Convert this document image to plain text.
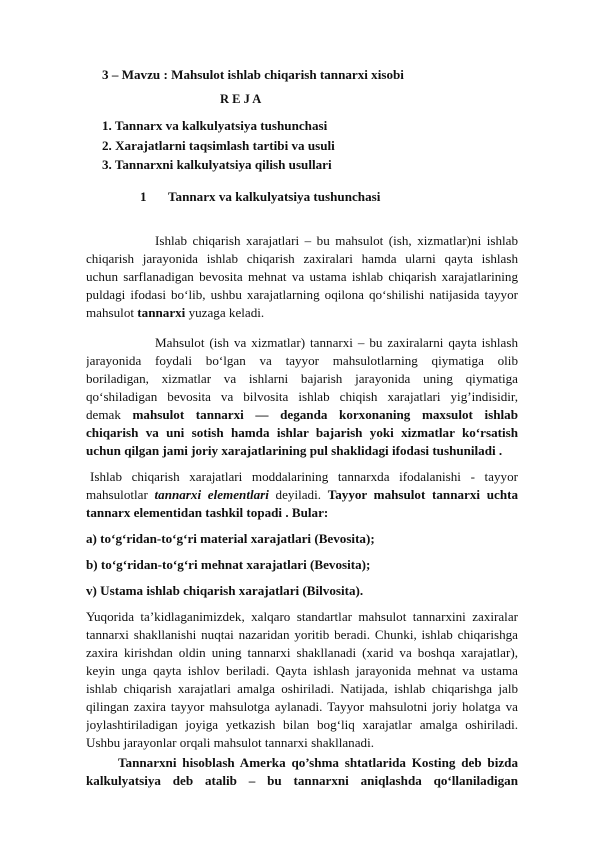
3 – Mavzu : Mahsulot ishlab chiqarish tannarxi xisobi
R E J A
1. Tannarx va kalkulyatsiya tushunchasi
2. Xarajatlarni taqsimlash tartibi va usuli
3. Tannarxni kalkulyatsiya qilish usullari
1 Tannarx va kalkulyatsiya tushunchasi
Ishlab chiqarish xarajatlari – bu mahsulot (ish, xizmatlar)ni ishlab
chiqarish jarayonida ishlab chiqarish zaxiralari hamda ularni qayta ishlash
uchun sarflanadigan bevosita mehnat va ustama ishlab chiqarish xarajatlarining
puldagi ifodasi bo‘lib, ushbu xarajatlarning oqilona qo‘shilishi natijasida tayyor
mahsulot tannarxi yuzaga keladi.
Mahsulot (ish va xizmatlar) tannarxi – bu zaxiralarni qayta ishlash
jarayonida foydali bo‘lgan va tayyor mahsulotlarning qiymatiga olib
boriladigan, xizmatlar va ishlarni bajarish jarayonida uning qiymatiga
qo‘shiladigan bevosita va bilvosita ishlab chiqish xarajatlari yig’indisidir,
demak mahsulot tannarxi — deganda korxonaning maxsulot ishlab
chiqarish va uni sotish hamda ishlar bajarish yoki xizmatlar ko‘rsatish
uchun qilgan jami joriy xarajatlarining pul shaklidagi ifodasi tushuniladi .
Ishlab chiqarish xarajatlari moddalarining tannarxda ifodalanishi - tayyor
mahsulotlar tannarxi elementlari deyiladi. Tayyor mahsulot tannarxi uchta
tannarx elementidan tashkil topadi . Bular:
a) to‘g‘ridan-to‘g‘ri material xarajatlari (Bevosita);
b) to‘g‘ridan-to‘g‘ri mehnat xarajatlari (Bevosita);
v) Ustama ishlab chiqarish xarajatlari (Bilvosita).
Yuqorida ta’kidlaganimizdek, xalqaro standartlar mahsulot tannarxini zaxiralar
tannarxi shakllanishi nuqtai nazaridan yoritib beradi. Chunki, ishlab chiqarishga
zaxira kirishdan oldin uning tannarxi shakllanadi (xarid va boshqa xarajatlar),
keyin unga qayta ishlov beriladi. Qayta ishlash jarayonida mehnat va ustama
ishlab chiqarish xarajatlari amalga oshiriladi. Natijada, ishlab chiqarishga jalb
qilingan zaxira tayyor mahsulotga aylanadi. Tayyor mahsulotni joriy holatga va
joylashtiriladigan joyiga yetkazish bilan bog‘liq xarajatlar amalga oshiriladi.
Ushbu jarayonlar orqali mahsulot tannarxi shakllanadi.
Tannarxni hisoblash Amerka qo’shma shtatlarida Kosting deb bizda
kalkulyatsiya deb atalib – bu tannarxni aniqlashda qo‘llaniladigan
